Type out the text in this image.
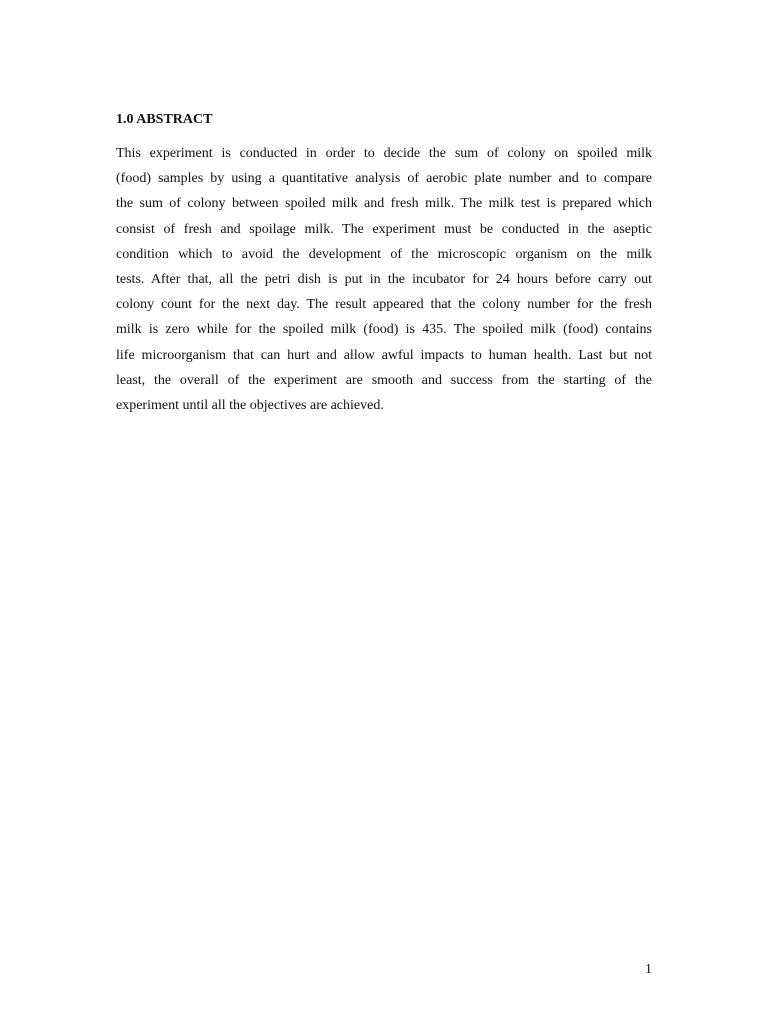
1.0 ABSTRACT
This experiment is conducted in order to decide the sum of colony on spoiled milk
(food) samples by using a quantitative analysis of aerobic plate number and to compare
the sum of colony between spoiled milk and fresh milk. The milk test is prepared which
consist of fresh and spoilage milk. The experiment must be conducted in the aseptic
condition which to avoid the development of the microscopic organism on the milk
tests. After that, all the petri dish is put in the incubator for 24 hours before carry out
colony count for the next day. The result appeared that the colony number for the fresh
milk is zero while for the spoiled milk (food) is 435. The spoiled milk (food) contains
life microorganism that can hurt and allow awful impacts to human health. Last but not
least, the overall of the experiment are smooth and success from the starting of the
experiment until all the objectives are achieved.
1
